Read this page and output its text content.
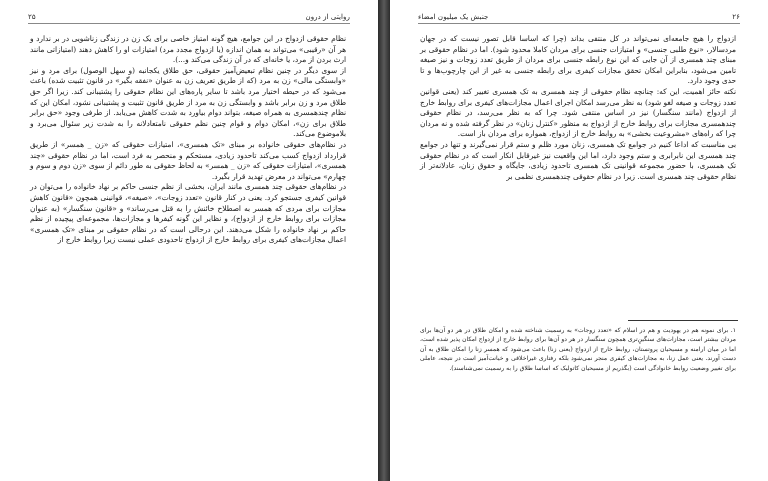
روایتی از درون
۲۵

نظام حقوقی ازدواج در این جوامع، هیچ گونه امتیاز خاصی برای یک زن در زندگی زناشویی در بر ندارد و هر آن «رقیبی» می‌تواند به همان اندازه (یا ازدواج مجدد مرد) امتیازات او را کاهش دهند (امتیازاتی مانند ارث بردن از مرد، یا خانه‌ای که در آن زندگی می‌کند و...).

از سوی دیگر در چنین نظام تبعیض‌آمیز حقوقی، حق طلاق یکجانبه (و سهل الوصول) برای مرد و نیز «وابستگی مالی» زن به مرد (که از طریق تعریف زن به عنوان «نفقه بگیر» در قانون تثبیت شده) باعث می‌شود که در حیطه اختیار مرد باشد تا سایر پاره‌های این نظام حقوقی را پشتیبانی کند. زیرا اگر حق طلاق مرد و زن برابر باشد و وابستگی زن به مرد از طریق قانون تثبیت و پشتیبانی نشود، امکان این که نظام چندهمسری به همراه صیغه، بتواند دوام بیاورد به شدت کاهش می‌یابد. از طرفی وجود «حق برابر طلاق برای زن»، امکان دوام و قوام چنین نظم حقوقی نامتعادلانه را به شدت زیر سئوال می‌برد و بلاموضوع می‌کند.

در نظام‌های حقوقی خانواده بر مبنای «تک همسری»، امتیازات حقوقی که «زن _ همسر» از طریق قرارداد ازدواج کسب می‌کند تاحدود زیادی، مستحکم و منحصر به فرد است، اما در نظام حقوقی «چند همسری»، امتیازات حقوقی که «زن _ همسر» به لحاظ حقوقی به طور دائم از سوی «زن دوم و سوم و چهارم» می‌تواند در معرض تهدید قرار بگیرد.

در نظام‌های حقوقی چند همسری مانند ایران، بخشی از نظم جنسی حاکم بر نهاد خانواده را می‌توان در قوانین کیفری جستجو کرد. یعنی در کنار قانون «تعدد زوجات»، «صیغه»، قوانینی همچون «قانون کاهش مجازات برای مردی که همسر به اصطلاح خائنش را به قتل می‌رساند» و «قانون سنگسار» (به عنوان مجازات برای روابط خارج از ازدواج)، و نظایر این گونه کیفرها و مجازات‌ها، مجموعه‌ای پیچیده از نظم حاکم بر نهاد خانواده را شکل می‌دهند. این درحالی است که در نظام حقوقی بر مبنای «تک همسری» اعمال مجازات‌های کیفری برای روابط خارج از ازدواج تاحدودی عملی نیست زیرا روابط خارج از

۲۶
جنبش یک میلیون امضاء

ازدواج را هیچ جامعه‌ای نمی‌تواند در کل منتفی بداند (چرا که اساسا قابل تصور نیست که در جهان مردسالار، «نوع طلبی جنسی» و امتیازات جنسی برای مردان کاملا محدود شود). اما در نظام حقوقی بر مبنای چند همسری از آن جایی که این نوع رابطه جنسی برای مردان از طریق تعدد زوجات و نیز صیغه تامین می‌شود، بنابراین امکان تحقق مجازات کیفری برای رابطه جنسی به غیر از این چارچوب‌ها و تا حدی وجود دارد.

نکته حائز اهمیت، این که: چنانچه نظام حقوقی از چند همسری به تک همسری تغییر کند (یعنی قوانین تعدد زوجات و صیغه لغو شود) به نظر می‌رسد امکان اجرای اعمال مجازات‌های کیفری برای روابط خارج از ازدواج (مانند سنگسار) نیز در اساس منتفی شود. چرا که به نظر می‌رسد، در نظام حقوقی چندهمسری مجازات برای روابط خارج از ازدواج به منظور «کنترل زنان» در نظر گرفته شده و نه مردان چرا که راه‌های «مشروعیت بخشی» به روابط خارج از ازدواج، همواره برای مردان باز است.

بی مناسبت که اداعا کنیم در جوامع تک همسری، زنان مورد ظلم و ستم قرار نمی‌گیرند و تنها در جوامع چند همسری این نابرابری و ستم وجود دارد، اما این واقعیت نیز غیرقابل انکار است که در نظام حقوقی تک همسری، با حضور مجموعه قوانینی تک همسری تاحدود زیادی، جایگاه و حقوق زنان، عادلانه‌تر از نظام حقوقی چند همسری است. زیرا در نظام حقوقی چندهمسری نظمی بر

۱. برای نمونه هم در یهودیت و هم در اسلام که «تعدد زوجات» به رسمیت شناخته شده و امکان طلاق در هر دو آن‌ها برای مردان بیشتر است، مجازات‌های سنگینِ‌تری همچون سنگسار در هر دو آن‌ها برای روابط خارج از ازدواج امکان پذیر شده است، اما در میان ارامنه و مسیحیان پروتستان، روابط خارج از ازدواج (یعنی زنا) باعث می‌شود که همسر زنا را امکان طلاق به آن دست آورند. یعنی عمل زنا، به مجازات‌های کیفری منجر نمی‌شود بلکه رفتاری غیراخلاقی و خیانت‌آمیز است در نتیجه، عاملی برای تغییر وضعیت روابط خانوادگی است (بگذریم از مسیحیان کاتولیک که اساسا طلاق را به رسمیت نمی‌شناسند).
